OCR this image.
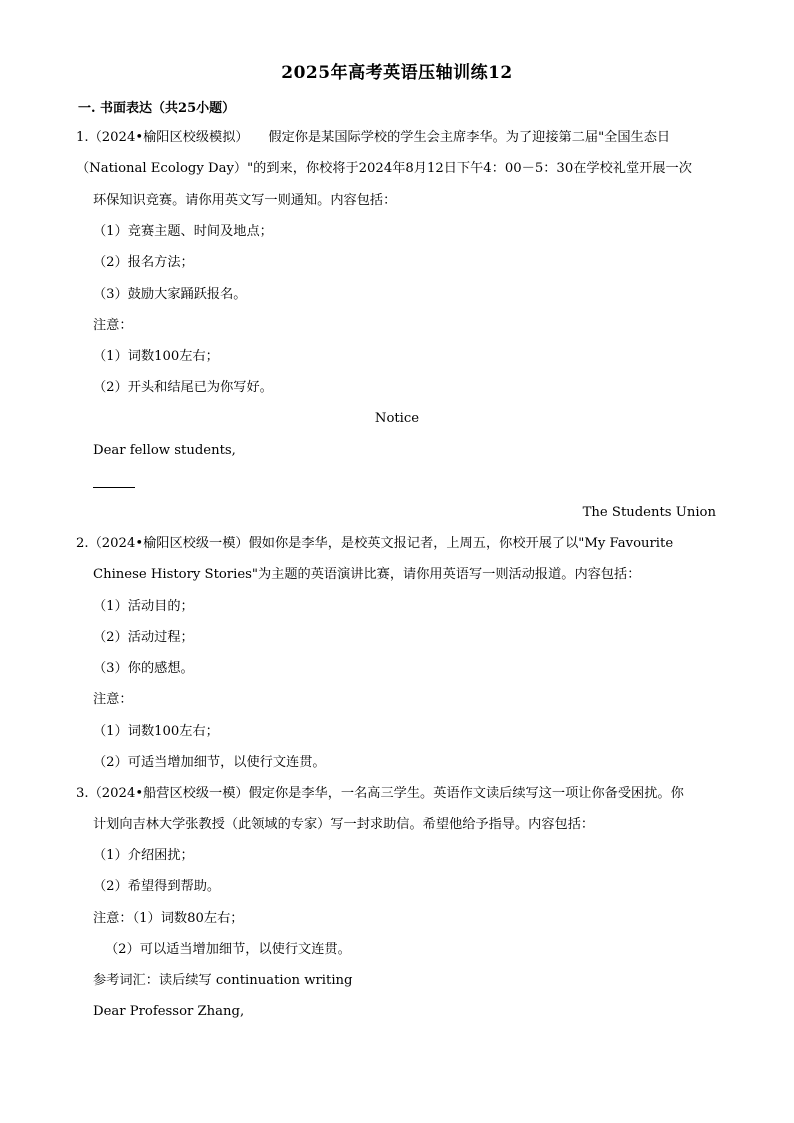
2025年高考英语压轴训练12
一. 书面表达（共25小题）
1.（2024•榆阳区校级模拟）　　假定你是某国际学校的学生会主席李华。为了迎接第二届"全国生态日
（National Ecology Day）"的到来，你校将于2024年8月12日下午4：00－5：30在学校礼堂开展一次
环保知识竞赛。请你用英文写一则通知。内容包括：
（1）竞赛主题、时间及地点；
（2）报名方法；
（3）鼓励大家踊跃报名。
注意：
（1）词数100左右；
（2）开头和结尾已为你写好。
Notice
Dear fellow students,
The Students Union
2.（2024•榆阳区校级一模）假如你是李华，是校英文报记者，上周五，你校开展了以"My Favourite
Chinese History Stories"为主题的英语演讲比赛，请你用英语写一则活动报道。内容包括：
（1）活动目的；
（2）活动过程；
（3）你的感想。
注意：
（1）词数100左右；
（2）可适当增加细节，以使行文连贯。
3.（2024•船营区校级一模）假定你是李华，一名高三学生。英语作文读后续写这一项让你备受困扰。你
计划向吉林大学张教授（此领域的专家）写一封求助信。希望他给予指导。内容包括：
（1）介绍困扰；
（2）希望得到帮助。
注意：（1）词数80左右；
（2）可以适当增加细节，以使行文连贯。
参考词汇：读后续写 continuation writing
Dear Professor Zhang,
